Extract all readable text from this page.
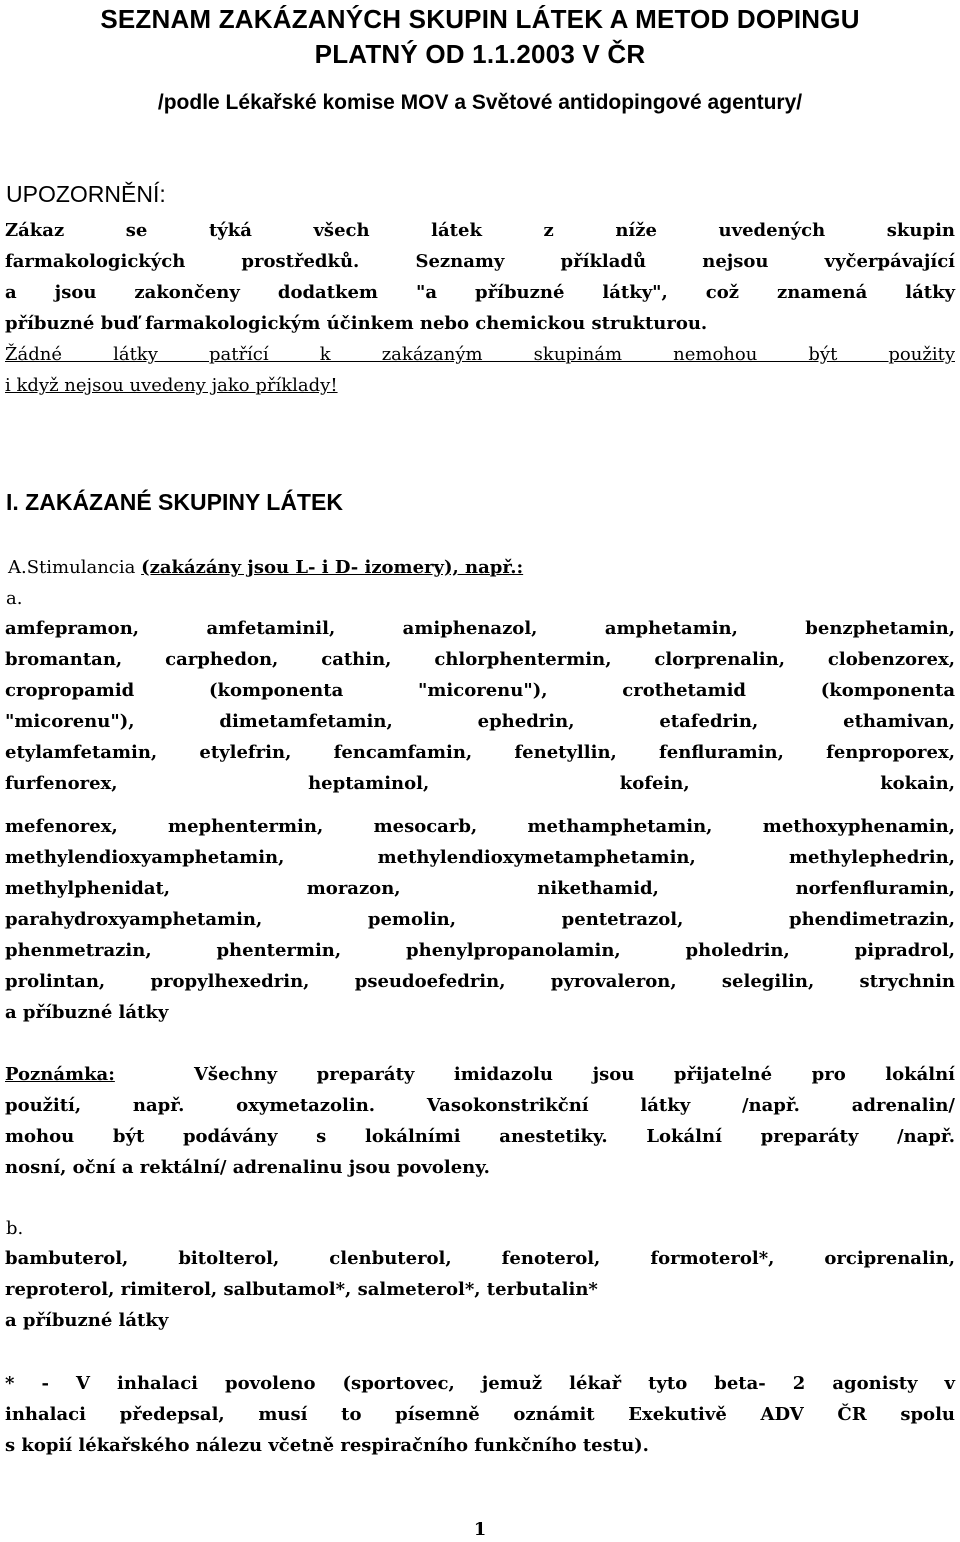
SEZNAM ZAKÁZANÝCH SKUPIN LÁTEK A METOD DOPINGU
PLATNÝ OD 1.1.2003 V ČR
/podle Lékařské komise MOV a Světové antidopingové agentury/
UPOZORNĚNÍ:
Zákaz se týká všech látek z níže uvedených skupin
farmakologických prostředků. Seznamy příkladů nejsou vyčerpávající
a jsou zakončeny dodatkem "a příbuzné látky", což znamená látky
příbuzné buď farmakologickým účinkem nebo chemickou strukturou.
Žádné látky patřící k zakázaným skupinám nemohou být použity
i když nejsou uvedeny jako příklady!
I. ZAKÁZANÉ SKUPINY LÁTEK
A.Stimulancia (zakázány jsou L- i D- izomery), např.:
a.
amfepramon, amfetaminil, amiphenazol, amphetamin, benzphetamin,
bromantan, carphedon, cathin, chlorphentermin, clorprenalin, clobenzorex,
cropropamid (komponenta "micorenu"), crothetamid (komponenta
"micorenu"), dimetamfetamin, ephedrin, etafedrin, ethamivan,
etylamfetamin, etylefrin, fencamfamin, fenetyllin, fenfluramin, fenproporex,
furfenorex, heptaminol, kofein, kokain,
mefenorex, mephentermin, mesocarb, methamphetamin, methoxyphenamin,
methylendioxyamphetamin, methylendioxymetamphetamin, methylephedrin,
methylphenidat, morazon, nikethamid, norfenfluramin,
parahydroxyamphetamin, pemolin, pentetrazol, phendimetrazin,
phenmetrazin, phentermin, phenylpropanolamin, pholedrin, pipradrol,
prolintan, propylhexedrin, pseudoefedrin, pyrovaleron, selegilin, strychnin
a příbuzné látky
Poznámka:	Všechny preparáty imidazolu jsou přijatelné pro lokální
použití, např. oxymetazolin. Vasokonstrikční látky /např. adrenalin/
mohou být podávány s lokálními anestetiky. Lokální preparáty /např.
nosní, oční a rektální/ adrenalinu jsou povoleny.
b.
bambuterol, bitolterol, clenbuterol, fenoterol, formoterol*, orciprenalin,
reproterol, rimiterol, salbutamol*, salmeterol*, terbutalin*
a příbuzné látky
* - V inhalaci povoleno (sportovec, jemuž lékař tyto beta- 2 agonisty v
inhalaci předepsal, musí to písemně oznámit Exekutivě ADV ČR spolu
s kopií lékařského nálezu včetně respiračního funkčního testu).
1
